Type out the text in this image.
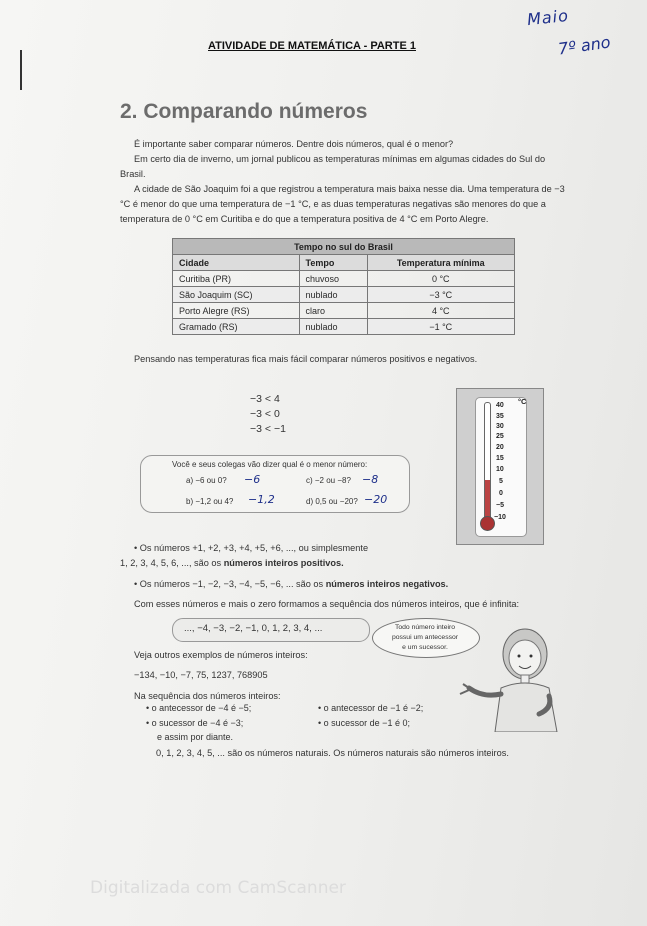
ATIVIDADE DE MATEMÁTICA - PARTE 1
Maio
7º ano
2. Comparando números
É importante saber comparar números. Dentre dois números, qual é o menor?
Em certo dia de inverno, um jornal publicou as temperaturas mínimas em algumas cidades do Sul do Brasil.
A cidade de São Joaquim foi a que registrou a temperatura mais baixa nesse dia. Uma temperatura de −3 °C é menor do que uma temperatura de −1 °C, e as duas temperaturas negativas são menores do que a temperatura de 0 °C em Curitiba e do que a temperatura positiva de 4 °C em Porto Alegre.
Tempo no sul do Brasil		
Cidade	Tempo	Temperatura mínima
Curitiba (PR)	chuvoso	0 °C
São Joaquim (SC)	nublado	−3 °C
Porto Alegre (RS)	claro	4 °C
Gramado (RS)	nublado	−1 °C
Pensando nas temperaturas fica mais fácil comparar números positivos e negativos.
−3 < 4
−3 < 0
−3 < −1
Você e seus colegas vão dizer qual é o menor número:
a) −6 ou 0? −6	c) −2 ou −8? −8
b) −1,2 ou 4? −1,2	d) 0,5 ou −20? −20
°C
40
35
30
25
20
15
10
5
0
−5
−10
• Os números +1, +2, +3, +4, +5, +6, ..., ou simplesmente
1, 2, 3, 4, 5, 6, ..., são os números inteiros positivos.
• Os números −1, −2, −3, −4, −5, −6, ... são os números inteiros negativos.
Com esses números e mais o zero formamos a sequência dos números inteiros, que é infinita:
..., −4, −3, −2, −1, 0, 1, 2, 3, 4, ...	Todo número inteiro
possui um antecessor
e um sucessor.
Veja outros exemplos de números inteiros:
−134, −10, −7, 75, 1237, 768905
Na sequência dos números inteiros:
• o antecessor de −4 é −5;	• o antecessor de −1 é −2;
• o sucessor de −4 é −3;	• o sucessor de −1 é 0;
e assim por diante.
0, 1, 2, 3, 4, 5, ... são os números naturais. Os números naturais são números inteiros.
Digitalizada com CamScanner
